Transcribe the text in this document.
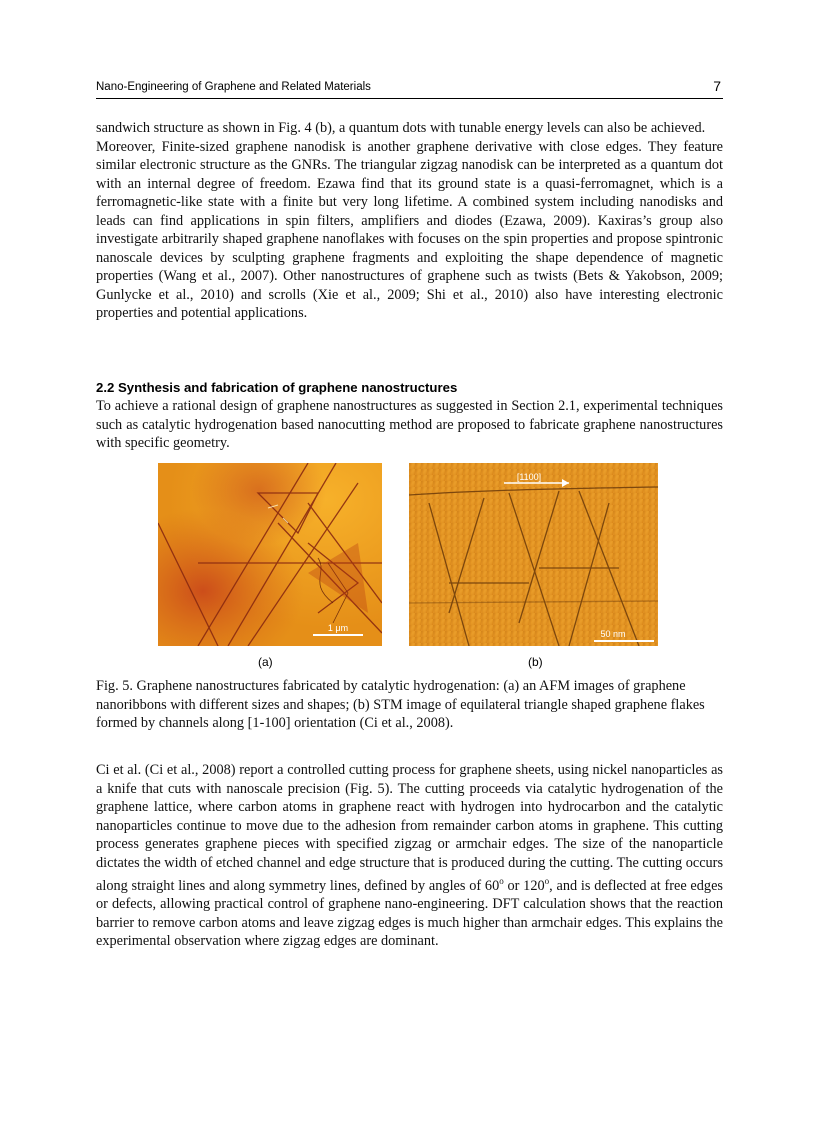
Nano-Engineering of Graphene and Related Materials	7

sandwich structure as shown in Fig. 4 (b), a quantum dots with tunable energy levels can also be achieved.

Moreover, Finite-sized graphene nanodisk is another graphene derivative with close edges. They feature similar electronic structure as the GNRs. The triangular zigzag nanodisk can be interpreted as a quantum dot with an internal degree of freedom. Ezawa find that its ground state is a quasi-ferromagnet, which is a ferromagnetic-like state with a finite but very long lifetime. A combined system including nanodisks and leads can find applications in spin filters, amplifiers and diodes (Ezawa, 2009). Kaxiras’s group also investigate arbitrarily shaped graphene nanoflakes with focuses on the spin properties and propose spintronic nanoscale devices by sculpting graphene fragments and exploiting the shape dependence of magnetic properties (Wang et al., 2007). Other nanostructures of graphene such as twists (Bets & Yakobson, 2009; Gunlycke et al., 2010) and scrolls (Xie et al., 2009; Shi et al., 2010) also have interesting electronic properties and potential applications.

2.2 Synthesis and fabrication of graphene nanostructures

To achieve a rational design of graphene nanostructures as suggested in Section 2.1, experimental techniques such as catalytic hydrogenation based nanocutting method are proposed to fabricate graphene nanostructures with specific geometry.

1 μm
[1100]
50 nm
(a)	(b)

Fig. 5. Graphene nanostructures fabricated by catalytic hydrogenation: (a) an AFM images of graphene nanoribbons with different sizes and shapes; (b) STM image of equilateral triangle shaped graphene flakes formed by channels along [1-100] orientation (Ci et al., 2008).

Ci et al. (Ci et al., 2008) report a controlled cutting process for graphene sheets, using nickel nanoparticles as a knife that cuts with nanoscale precision (Fig. 5). The cutting proceeds via catalytic hydrogenation of the graphene lattice, where carbon atoms in graphene react with hydrogen into hydrocarbon and the catalytic nanoparticles continue to move due to the adhesion from remainder carbon atoms in graphene. This cutting process generates graphene pieces with specified zigzag or armchair edges. The size of the nanoparticle dictates the width of etched channel and edge structure that is produced during the cutting. The cutting occurs along straight lines and along symmetry lines, defined by angles of 60$^o$ or 120$^o$, and is deflected at free edges or defects, allowing practical control of graphene nano-engineering. DFT calculation shows that the reaction barrier to remove carbon atoms and leave zigzag edges is much higher than armchair edges. This explains the experimental observation where zigzag edges are dominant.
